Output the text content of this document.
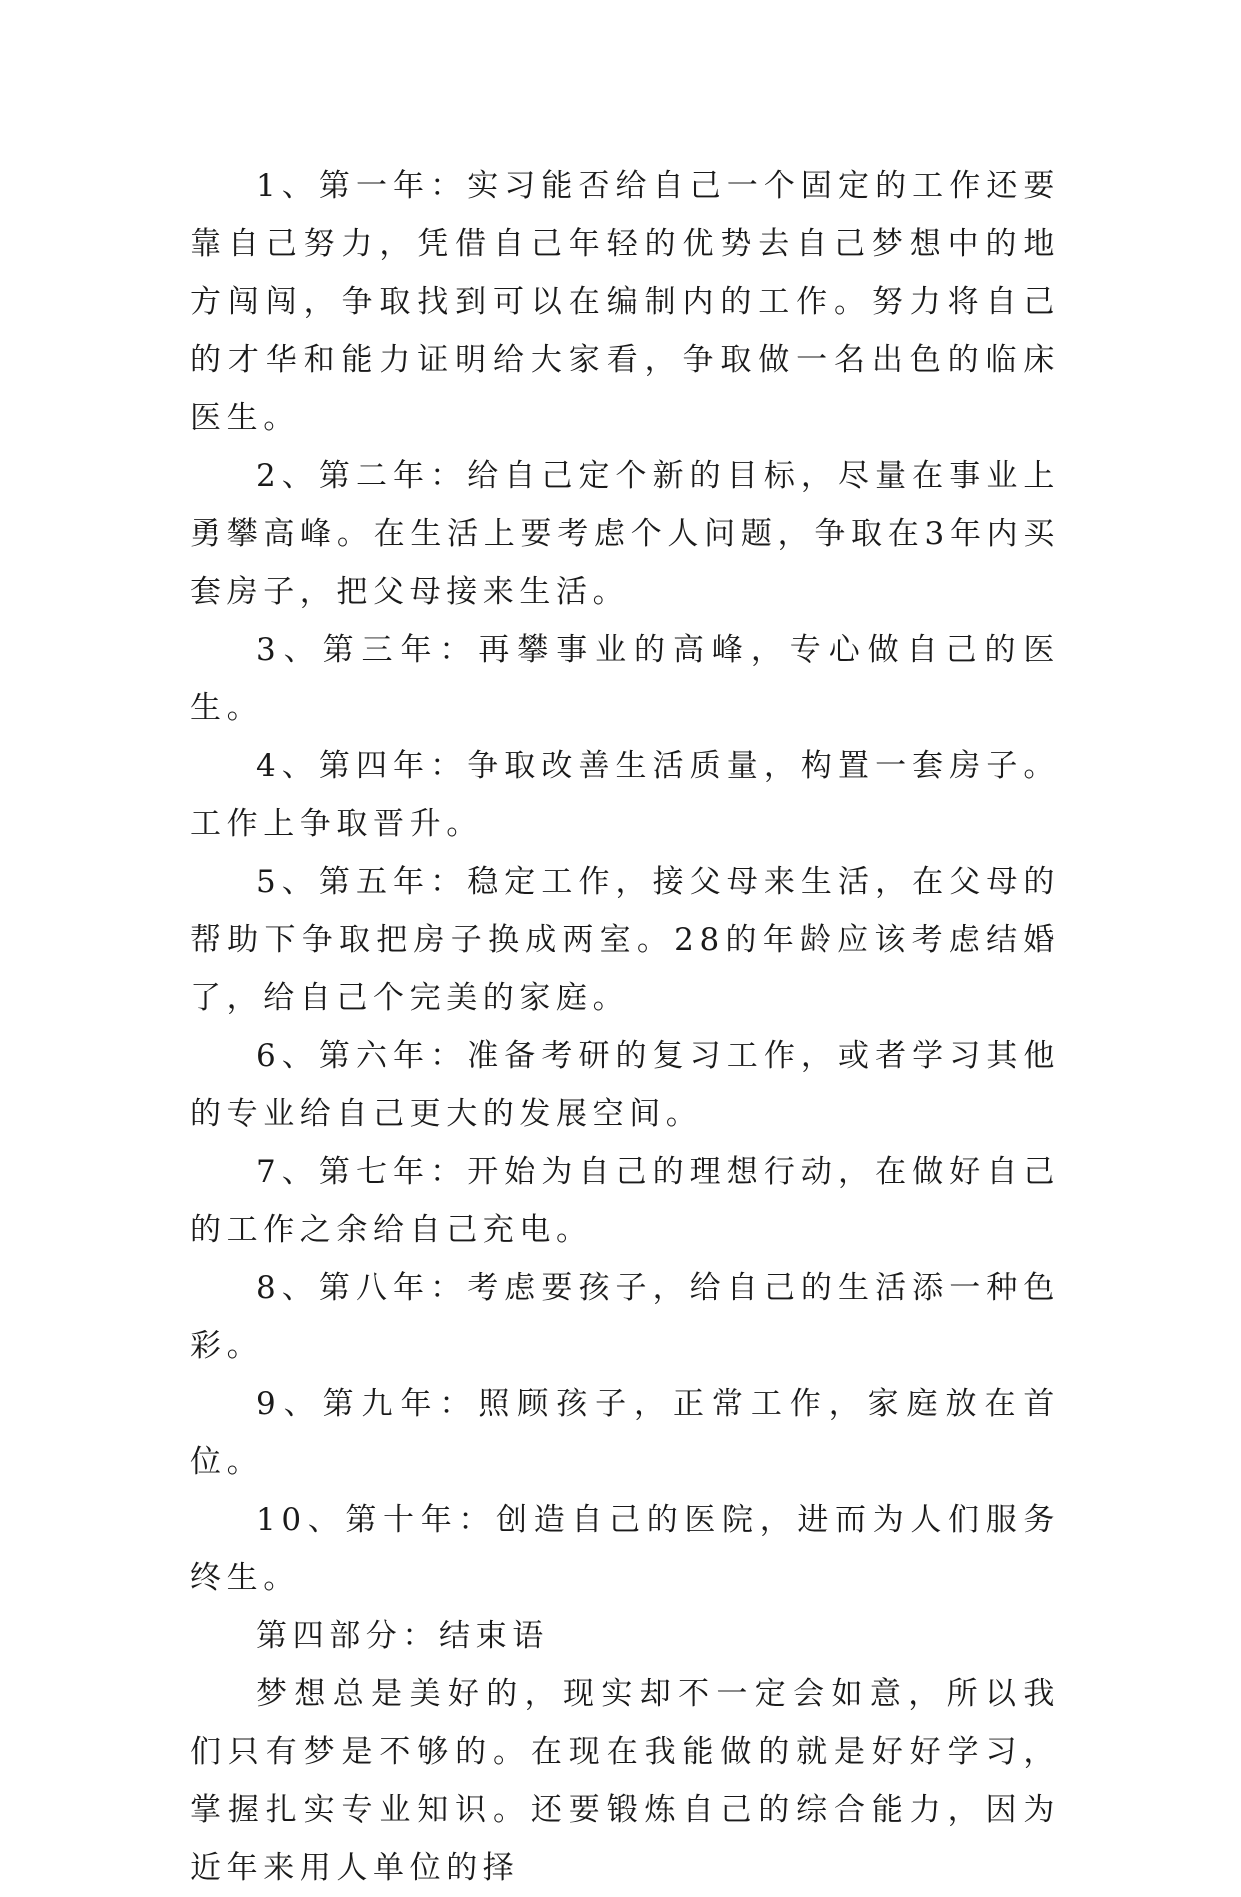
1、第一年：实习能否给自己一个固定的工作还要靠自己努力，凭借自己年轻的优势去自己梦想中的地方闯闯，争取找到可以在编制内的工作。努力将自己的才华和能力证明给大家看，争取做一名出色的临床医生。

2、第二年：给自己定个新的目标，尽量在事业上勇攀高峰。在生活上要考虑个人问题，争取在3年内买套房子，把父母接来生活。

3、第三年：再攀事业的高峰，专心做自己的医生。

4、第四年：争取改善生活质量，构置一套房子。工作上争取晋升。

5、第五年：稳定工作，接父母来生活，在父母的帮助下争取把房子换成两室。28的年龄应该考虑结婚了，给自己个完美的家庭。

6、第六年：准备考研的复习工作，或者学习其他的专业给自己更大的发展空间。

7、第七年：开始为自己的理想行动，在做好自己的工作之余给自己充电。

8、第八年：考虑要孩子，给自己的生活添一种色彩。

9、第九年：照顾孩子，正常工作，家庭放在首位。

10、第十年：创造自己的医院，进而为人们服务终生。

第四部分：结束语

梦想总是美好的，现实却不一定会如意，所以我们只有梦是不够的。在现在我能做的就是好好学习，掌握扎实专业知识。还要锻炼自己的综合能力，因为近年来用人单位的择
